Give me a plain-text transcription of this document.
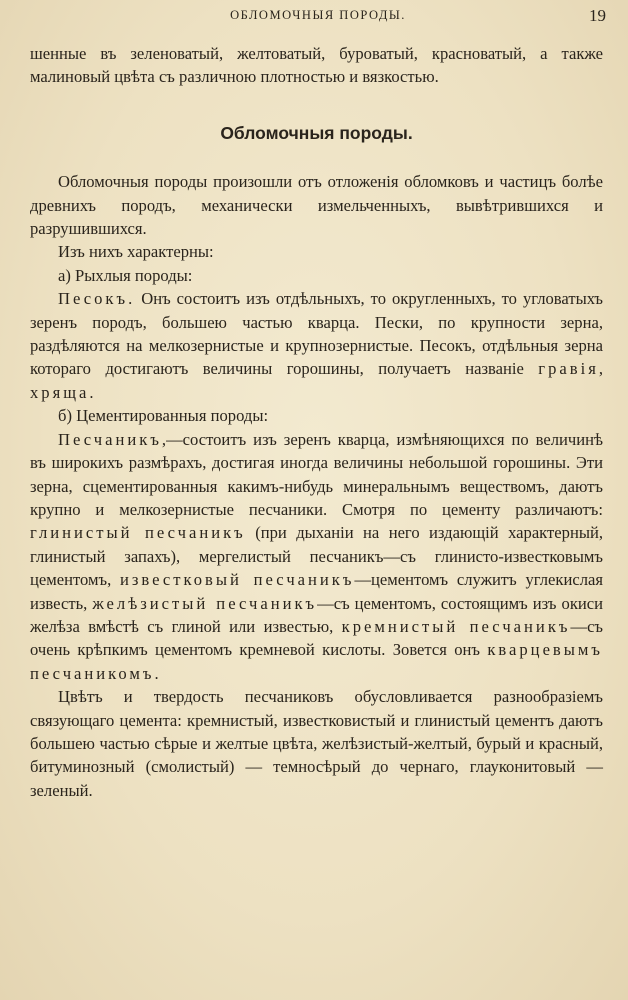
ОБЛОМОЧНЫЯ ПОРОДЫ.	19

шенные въ зеленоватый, желтоватый, буроватый, красноватый, а также малиновый цвѣта съ различною плотностью и вязкостью.

Обломочныя породы.

Обломочныя породы произошли отъ отложенія обломковъ и частицъ болѣе древнихъ породъ, механически измельченныхъ, вывѣтрившихся и разрушившихся.

Изъ нихъ характерны:

а) Рыхлыя породы:

Песокъ. Онъ состоитъ изъ отдѣльныхъ, то округленныхъ, то угловатыхъ зеренъ породъ, большею частью кварца. Пески, по крупности зерна, раздѣляются на мелкозернистые и крупнозернистые. Песокъ, отдѣльныя зерна котораго достигаютъ величины горошины, получаетъ названіе гравія, хряща.

б) Цементированныя породы:

Песчаникъ,—состоитъ изъ зеренъ кварца, измѣняющихся по величинѣ въ широкихъ размѣрахъ, достигая иногда величины небольшой горошины. Эти зерна, сцементированныя какимъ-нибудь минеральнымъ веществомъ, даютъ крупно и мелкозернистые песчаники. Смотря по цементу различаютъ: глинистый песчаникъ (при дыханіи на него издающій характерный, глинистый запахъ), мергелистый песчаникъ—съ глинисто-известковымъ цементомъ, известковый песчаникъ—цементомъ служитъ углекислая известь, желѣзистый песчаникъ—съ цементомъ, состоящимъ изъ окиси желѣза вмѣстѣ съ глиной или известью, кремнистый песчаникъ—съ очень крѣпкимъ цементомъ кремневой кислоты. Зовется онъ кварцевымъ песчаникомъ.

Цвѣтъ и твердость песчаниковъ обусловливается разнообразіемъ связующаго цемента: кремнистый, известковистый и глинистый цементъ даютъ большею частью сѣрые и желтые цвѣта, желѣзистый-желтый, бурый и красный, битуминозный (смолистый) — темносѣрый до чернаго, глауконитовый — зеленый.
